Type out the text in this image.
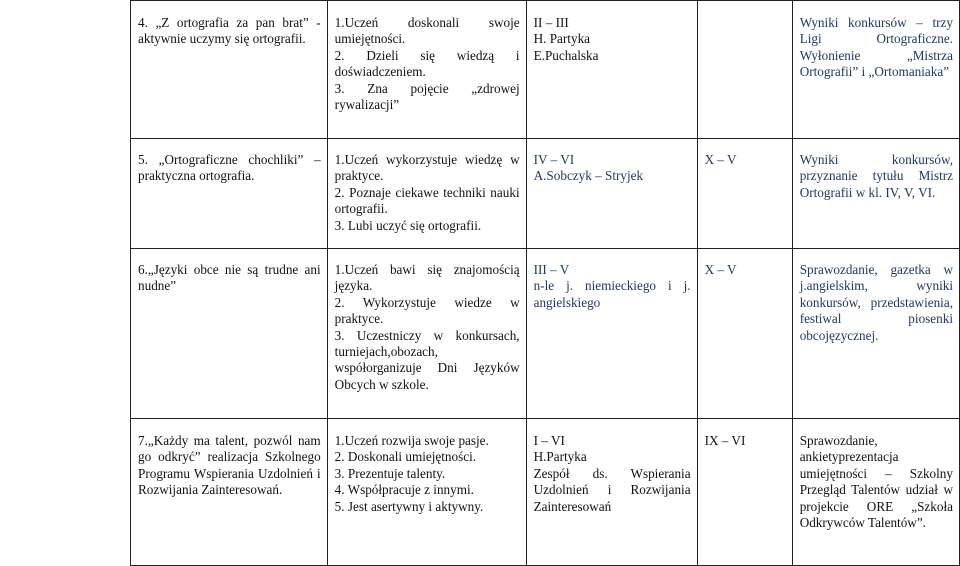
4. „Z ortografia za pan brat” - aktywnie uczymy się ortografii.	1.Uczeń doskonali swoje umiejętności.
2. Dzieli się wiedzą i doświadczeniem.
3. Zna pojęcie „zdrowej rywalizacji”	II – III
H. Partyka
E.Puchalska		Wyniki konkursów – trzy Ligi Ortograficzne. Wyłonienie „Mistrza Ortografii” i „Ortomaniaka”

5. „Ortograficzne chochliki” – praktyczna ortografia.	1.Uczeń wykorzystuje wiedzę w praktyce.
2. Poznaje ciekawe techniki nauki ortografii.
3. Lubi uczyć się ortografii.	IV – VI
A.Sobczyk – Stryjek	X – V	Wyniki konkursów, przyznanie tytułu Mistrz Ortografii w kl. IV, V, VI.

6.„Języki obce nie są trudne ani nudne”	1.Uczeń bawi się znajomością języka.
2. Wykorzystuje wiedze w praktyce.
3. Uczestniczy w konkursach, turniejach,obozach, współorganizuje Dni Języków Obcych w szkole.	III – V
n-le j. niemieckiego i j. angielskiego	X – V	Sprawozdanie, gazetka w j.angielskim, wyniki konkursów, przedstawienia, festiwal piosenki obcojęzycznej.

7.„Każdy ma talent, pozwól nam go odkryć” realizacja Szkolnego Programu Wspierania Uzdolnień i Rozwijania Zainteresowań.	1.Uczeń rozwija swoje pasje.
2. Doskonali umiejętności.
3. Prezentuje talenty.
4. Współpracuje z innymi.
5. Jest asertywny i aktywny.	I – VI
H.Partyka
Zespół ds. Wspierania Uzdolnień i Rozwijania Zainteresowań	IX – VI	Sprawozdanie, ankietyprezentacja umiejętności – Szkolny Przegląd Talentów udział w projekcie ORE „Szkoła Odkrywców Talentów”.
